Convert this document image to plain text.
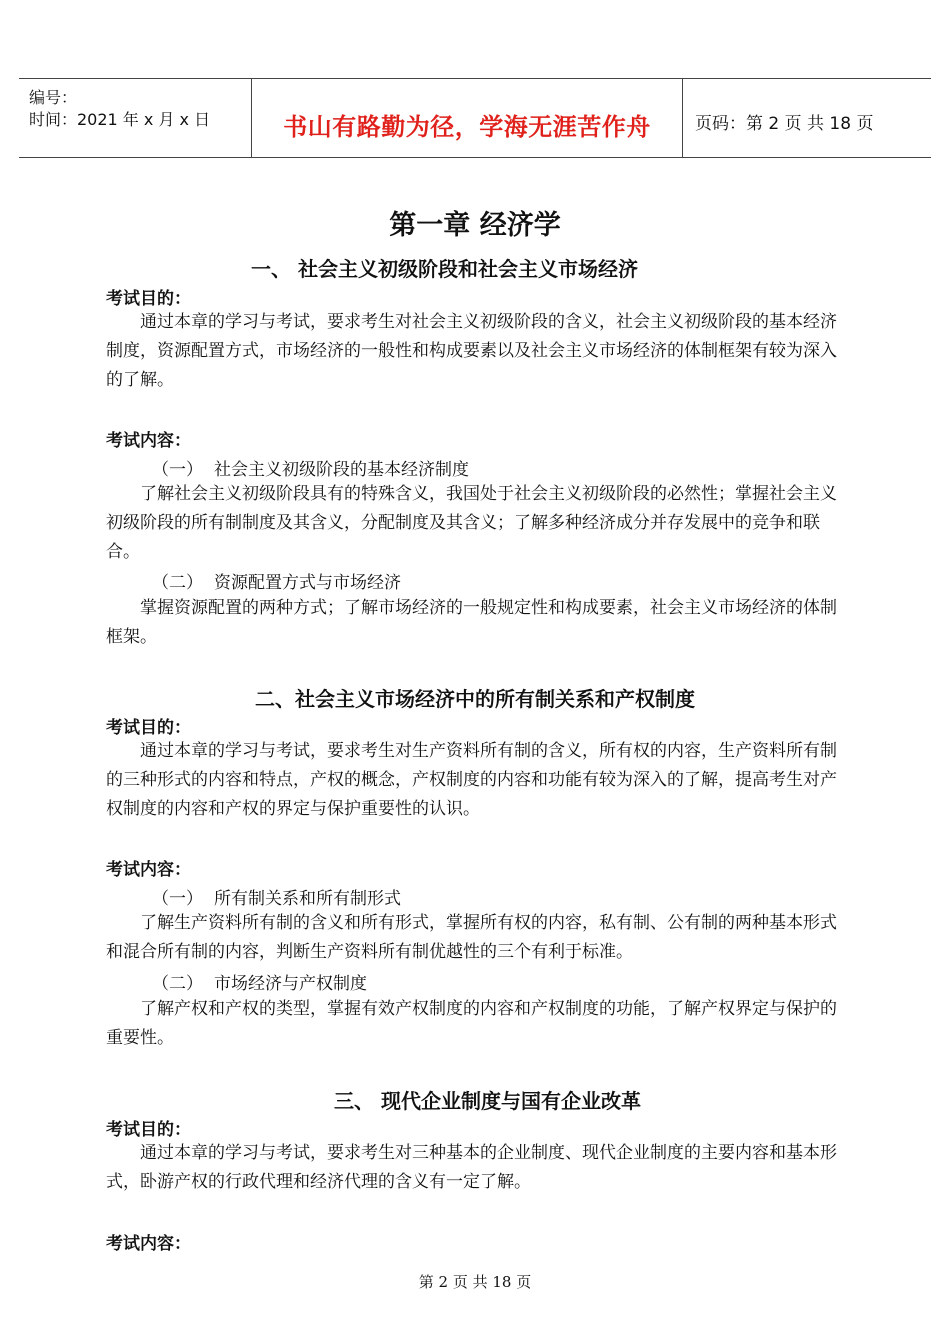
编号：
时间：2021 年 x 月 x 日	书山有路勤为径，学海无涯苦作舟	页码：第 2 页 共 18 页
第一章 经济学
一、 社会主义初级阶段和社会主义市场经济
考试目的：
通过本章的学习与考试，要求考生对社会主义初级阶段的含义，社会主义初级阶段的基本经济制度，资源配置方式，市场经济的一般性和构成要素以及社会主义市场经济的体制框架有较为深入的了解。
考试内容：
（一） 社会主义初级阶段的基本经济制度
了解社会主义初级阶段具有的特殊含义，我国处于社会主义初级阶段的必然性；掌握社会主义初级阶段的所有制制度及其含义，分配制度及其含义；了解多种经济成分并存发展中的竞争和联合。
（二） 资源配置方式与市场经济
掌握资源配置的两种方式；了解市场经济的一般规定性和构成要素，社会主义市场经济的体制框架。
二、社会主义市场经济中的所有制关系和产权制度
考试目的：
通过本章的学习与考试，要求考生对生产资料所有制的含义，所有权的内容，生产资料所有制的三种形式的内容和特点，产权的概念，产权制度的内容和功能有较为深入的了解，提高考生对产权制度的内容和产权的界定与保护重要性的认识。
考试内容：
（一） 所有制关系和所有制形式
了解生产资料所有制的含义和所有形式，掌握所有权的内容，私有制、公有制的两种基本形式和混合所有制的内容，判断生产资料所有制优越性的三个有利于标准。
（二） 市场经济与产权制度
了解产权和产权的类型，掌握有效产权制度的内容和产权制度的功能，了解产权界定与保护的重要性。
三、 现代企业制度与国有企业改革
考试目的：
通过本章的学习与考试，要求考生对三种基本的企业制度、现代企业制度的主要内容和基本形式，卧游产权的行政代理和经济代理的含义有一定了解。
考试内容：
第 2 页 共 18 页
